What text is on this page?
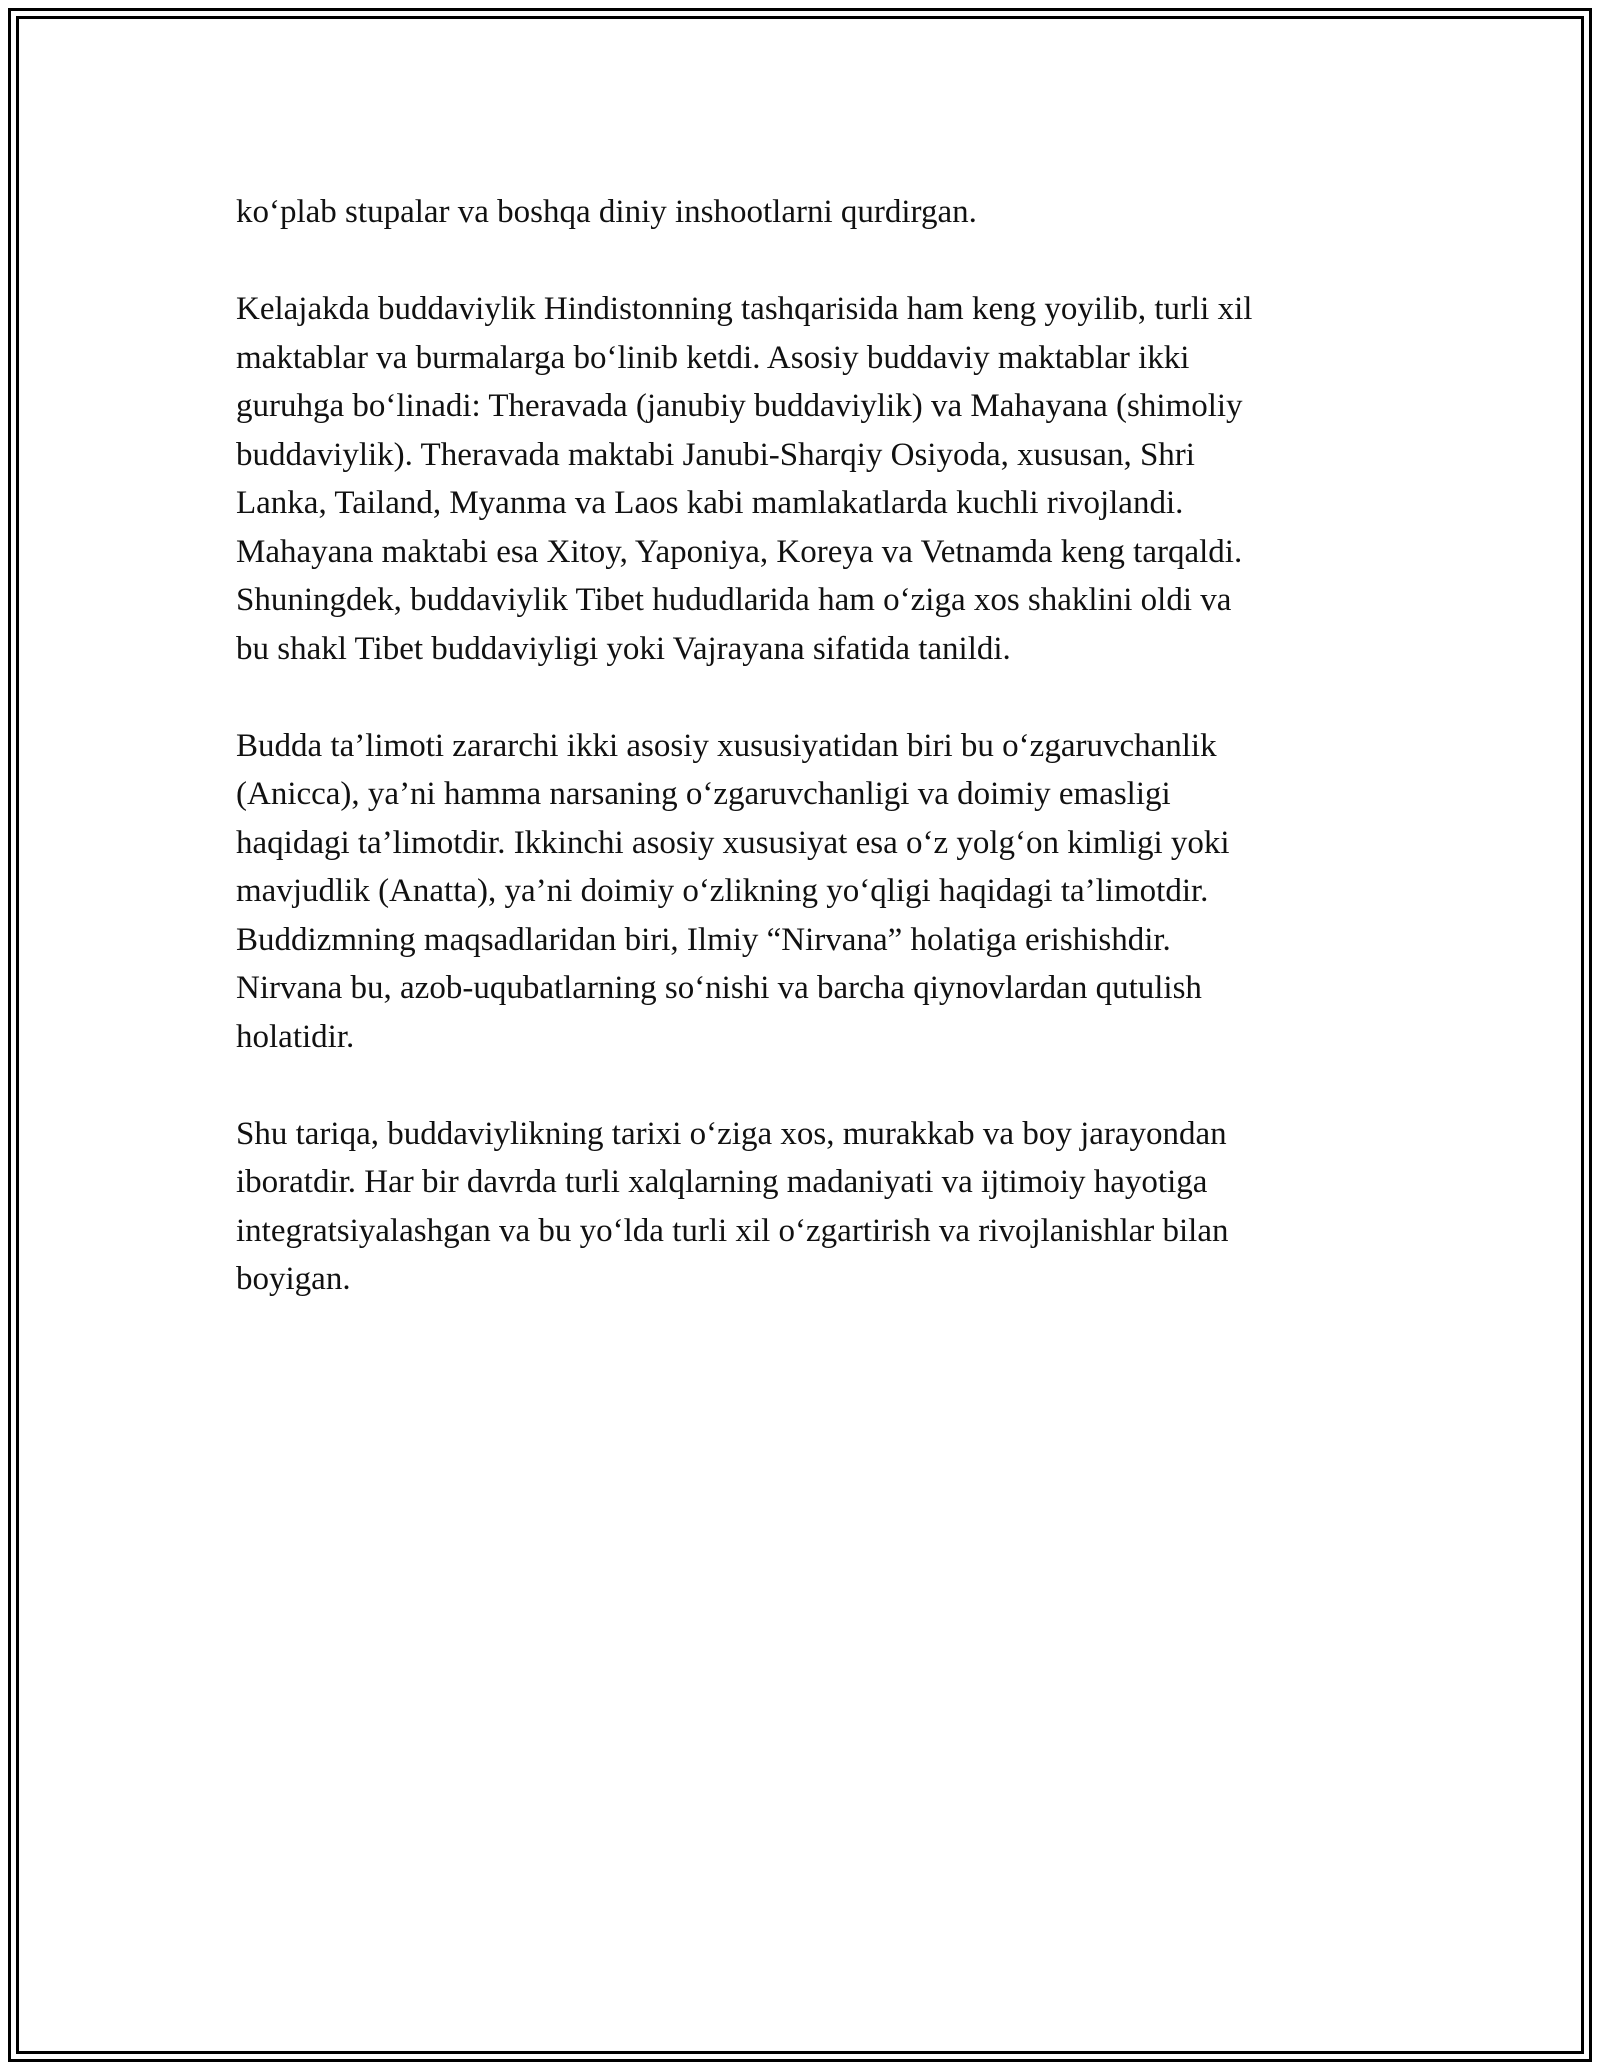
ko‘plab stupalar va boshqa diniy inshootlarni qurdirgan.

Kelajakda buddaviylik Hindistonning tashqarisida ham keng yoyilib, turli xil
maktablar va burmalarga bo‘linib ketdi. Asosiy buddaviy maktablar ikki
guruhga bo‘linadi: Theravada (janubiy buddaviylik) va Mahayana (shimoliy
buddaviylik). Theravada maktabi Janubi-Sharqiy Osiyoda, xususan, Shri
Lanka, Tailand, Myanma va Laos kabi mamlakatlarda kuchli rivojlandi.
Mahayana maktabi esa Xitoy, Yaponiya, Koreya va Vetnamda keng tarqaldi.
Shuningdek, buddaviylik Tibet hududlarida ham o‘ziga xos shaklini oldi va
bu shakl Tibet buddaviyligi yoki Vajrayana sifatida tanildi.

Budda ta’limoti zararchi ikki asosiy xususiyatidan biri bu o‘zgaruvchanlik
(Anicca), ya’ni hamma narsaning o‘zgaruvchanligi va doimiy emasligi
haqidagi ta’limotdir. Ikkinchi asosiy xususiyat esa o‘z yolg‘on kimligi yoki
mavjudlik (Anatta), ya’ni doimiy o‘zlikning yo‘qligi haqidagi ta’limotdir.
Buddizmning maqsadlaridan biri, Ilmiy “Nirvana” holatiga erishishdir.
Nirvana bu, azob-uqubatlarning so‘nishi va barcha qiynovlardan qutulish
holatidir.

Shu tariqa, buddaviylikning tarixi o‘ziga xos, murakkab va boy jarayondan
iboratdir. Har bir davrda turli xalqlarning madaniyati va ijtimoiy hayotiga
integratsiyalashgan va bu yo‘lda turli xil o‘zgartirish va rivojlanishlar bilan
boyigan.
